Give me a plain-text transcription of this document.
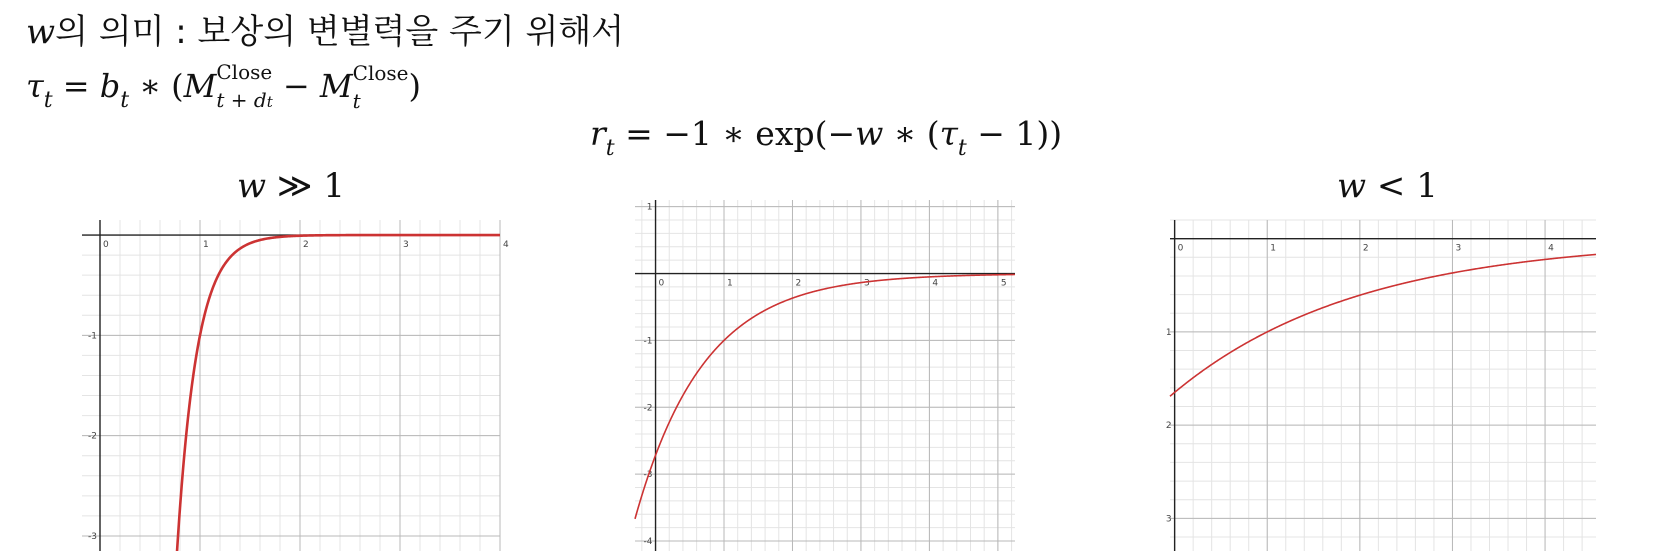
w의 의미 : 보상의 변별력을 주기 위해서
$\tau_t = b_t$ ∗ (M Close
t + dt − M Close
t	)
$r_t = -1$ ∗ exp(−w ∗ $(\tau_t - 1)$)
w ≫ 1	w < 1
0	1	2	3	4
-1
-2
-3
0	1	2	3	4	5
1
-1
-2
-3
-4
0	1	2	3	4
1
2
3
